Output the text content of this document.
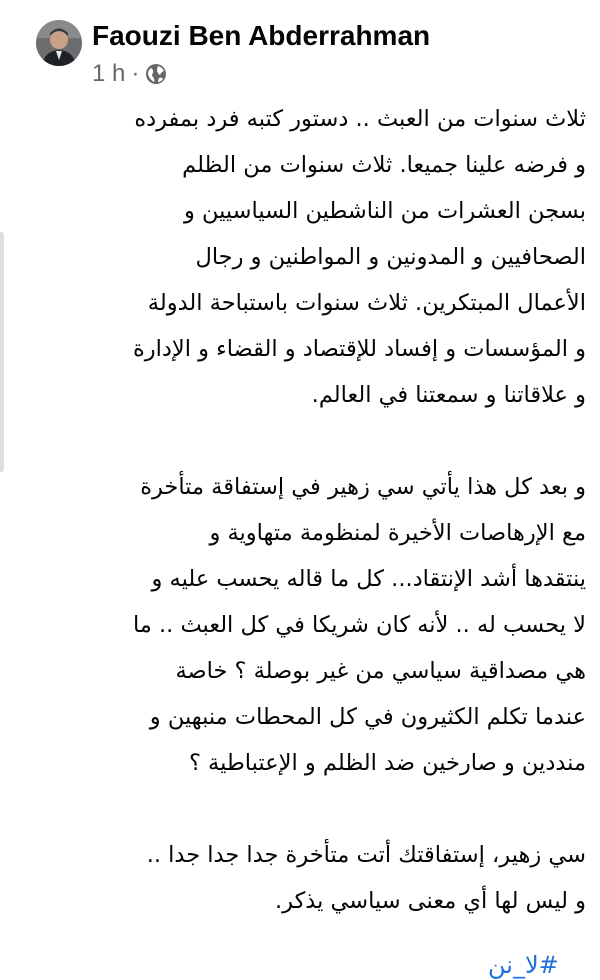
Faouzi Ben Abderrahman
1 h ·

ثلاث سنوات من العبث .. دستور كتبه فرد بمفرده
و فرضه علينا جميعا. ثلاث سنوات من الظلم
بسجن العشرات من الناشطين السياسيين و
الصحافيين و المدونين و المواطنين و رجال
الأعمال المبتكرين. ثلاث سنوات باستباحة الدولة
و المؤسسات و إفساد للإقتصاد و القضاء و الإدارة
و علاقاتنا و سمعتنا في العالم.

و بعد كل هذا يأتي سي زهير في إستفاقة متأخرة
مع الإرهاصات الأخيرة لمنظومة متهاوية و
ينتقدها أشد الإنتقاد... كل ما قاله يحسب عليه و
لا يحسب له .. لأنه كان شريكا في كل العبث .. ما
هي مصداقية سياسي من غير بوصلة ؟ خاصة
عندما تكلم الكثيرون في كل المحطات منبهين و
منددين و صارخين ضد الظلم و الإعتباطية ؟

سي زهير، إستفاقتك أتت متأخرة جدا جدا جدا ..
و ليس لها أي معنى سياسي يذكر.

#لا_نن
